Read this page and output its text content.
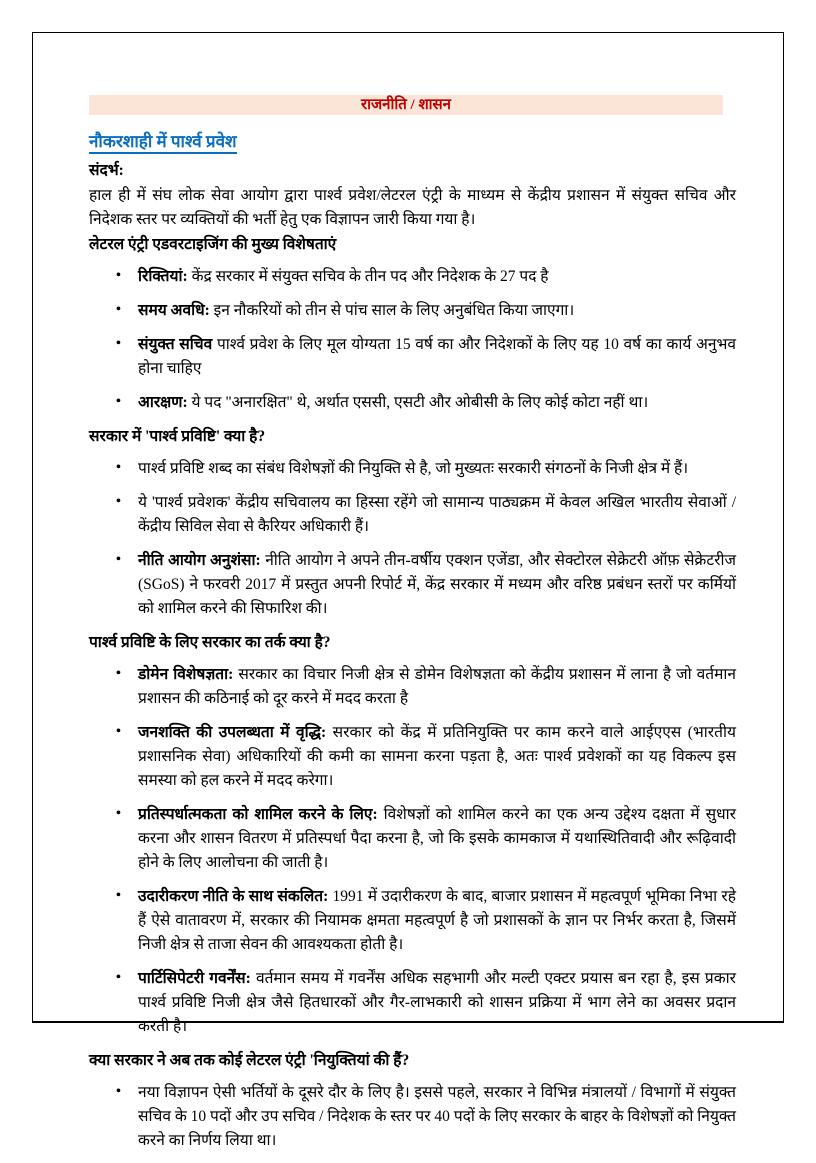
राजनीति / शासन
नौकरशाही में पार्श्व प्रवेश
संदर्भ:

हाल ही में संघ लोक सेवा आयोग द्वारा पार्श्व प्रवेश/लेटरल एंट्री के माध्यम से केंद्रीय प्रशासन में संयुक्त सचिव और निदेशक स्तर पर व्यक्तियों की भर्ती हेतु एक विज्ञापन जारी किया गया है।

लेटरल एंट्री एडवरटाइजिंग की मुख्य विशेषताएं
• रिक्तियां: केंद्र सरकार में संयुक्त सचिव के तीन पद और निदेशक के 27 पद है
• समय अवधि: इन नौकरियों को तीन से पांच साल के लिए अनुबंधित किया जाएगा।
• संयुक्त सचिव पार्श्व प्रवेश के लिए मूल योग्यता 15 वर्ष का और निदेशकों के लिए यह 10 वर्ष का कार्य अनुभव होना चाहिए
• आरक्षण: ये पद "अनारक्षित" थे, अर्थात एससी, एसटी और ओबीसी के लिए कोई कोटा नहीं था।
सरकार में 'पार्श्व प्रविष्टि' क्या है?
• पार्श्व प्रविष्टि शब्द का संबंध विशेषज्ञों की नियुक्ति से है, जो मुख्यतः सरकारी संगठनों के निजी क्षेत्र में हैं।
• ये 'पार्श्व प्रवेशक' केंद्रीय सचिवालय का हिस्सा रहेंगे जो सामान्य पाठ्यक्रम में केवल अखिल भारतीय सेवाओं / केंद्रीय सिविल सेवा से कैरियर अधिकारी हैं।
• नीति आयोग अनुशंसा: नीति आयोग ने अपने तीन-वर्षीय एक्शन एजेंडा, और सेक्टोरल सेक्रेटरी ऑफ़ सेक्रेटरीज (SGoS) ने फरवरी 2017 में प्रस्तुत अपनी रिपोर्ट में, केंद्र सरकार में मध्यम और वरिष्ठ प्रबंधन स्तरों पर कर्मियों को शामिल करने की सिफारिश की।
पार्श्व प्रविष्टि के लिए सरकार का तर्क क्या है?
• डोमेन विशेषज्ञता: सरकार का विचार निजी क्षेत्र से डोमेन विशेषज्ञता को केंद्रीय प्रशासन में लाना है जो वर्तमान प्रशासन की कठिनाई को दूर करने में मदद करता है
• जनशक्ति की उपलब्धता में वृद्धि: सरकार को केंद्र में प्रतिनियुक्ति पर काम करने वाले आईएएस (भारतीय प्रशासनिक सेवा) अधिकारियों की कमी का सामना करना पड़ता है, अतः पार्श्व प्रवेशकों का यह विकल्प इस समस्या को हल करने में मदद करेगा।
• प्रतिस्पर्धात्मकता को शामिल करने के लिए: विशेषज्ञों को शामिल करने का एक अन्य उद्देश्य दक्षता में सुधार करना और शासन वितरण में प्रतिस्पर्धा पैदा करना है, जो कि इसके कामकाज में यथास्थितिवादी और रूढ़िवादी होने के लिए आलोचना की जाती है।
• उदारीकरण नीति के साथ संकलित: 1991 में उदारीकरण के बाद, बाजार प्रशासन में महत्वपूर्ण भूमिका निभा रहे हैं ऐसे वातावरण में, सरकार की नियामक क्षमता महत्वपूर्ण है जो प्रशासकों के ज्ञान पर निर्भर करता है, जिसमें निजी क्षेत्र से ताजा सेवन की आवश्यकता होती है।
• पार्टिसिपेटरी गवर्नेंस: वर्तमान समय में गवर्नेंस अधिक सहभागी और मल्टी एक्टर प्रयास बन रहा है, इस प्रकार पार्श्व प्रविष्टि निजी क्षेत्र जैसे हितधारकों और गैर-लाभकारी को शासन प्रक्रिया में भाग लेने का अवसर प्रदान करती है।
क्या सरकार ने अब तक कोई लेटरल एंट्री 'नियुक्तियां की हैं?
• नया विज्ञापन ऐसी भर्तियों के दूसरे दौर के लिए है। इससे पहले, सरकार ने विभिन्न मंत्रालयों / विभागों में संयुक्त सचिव के 10 पदों और उप सचिव / निदेशक के स्तर पर 40 पदों के लिए सरकार के बाहर के विशेषज्ञों को नियुक्त करने का निर्णय लिया था।
